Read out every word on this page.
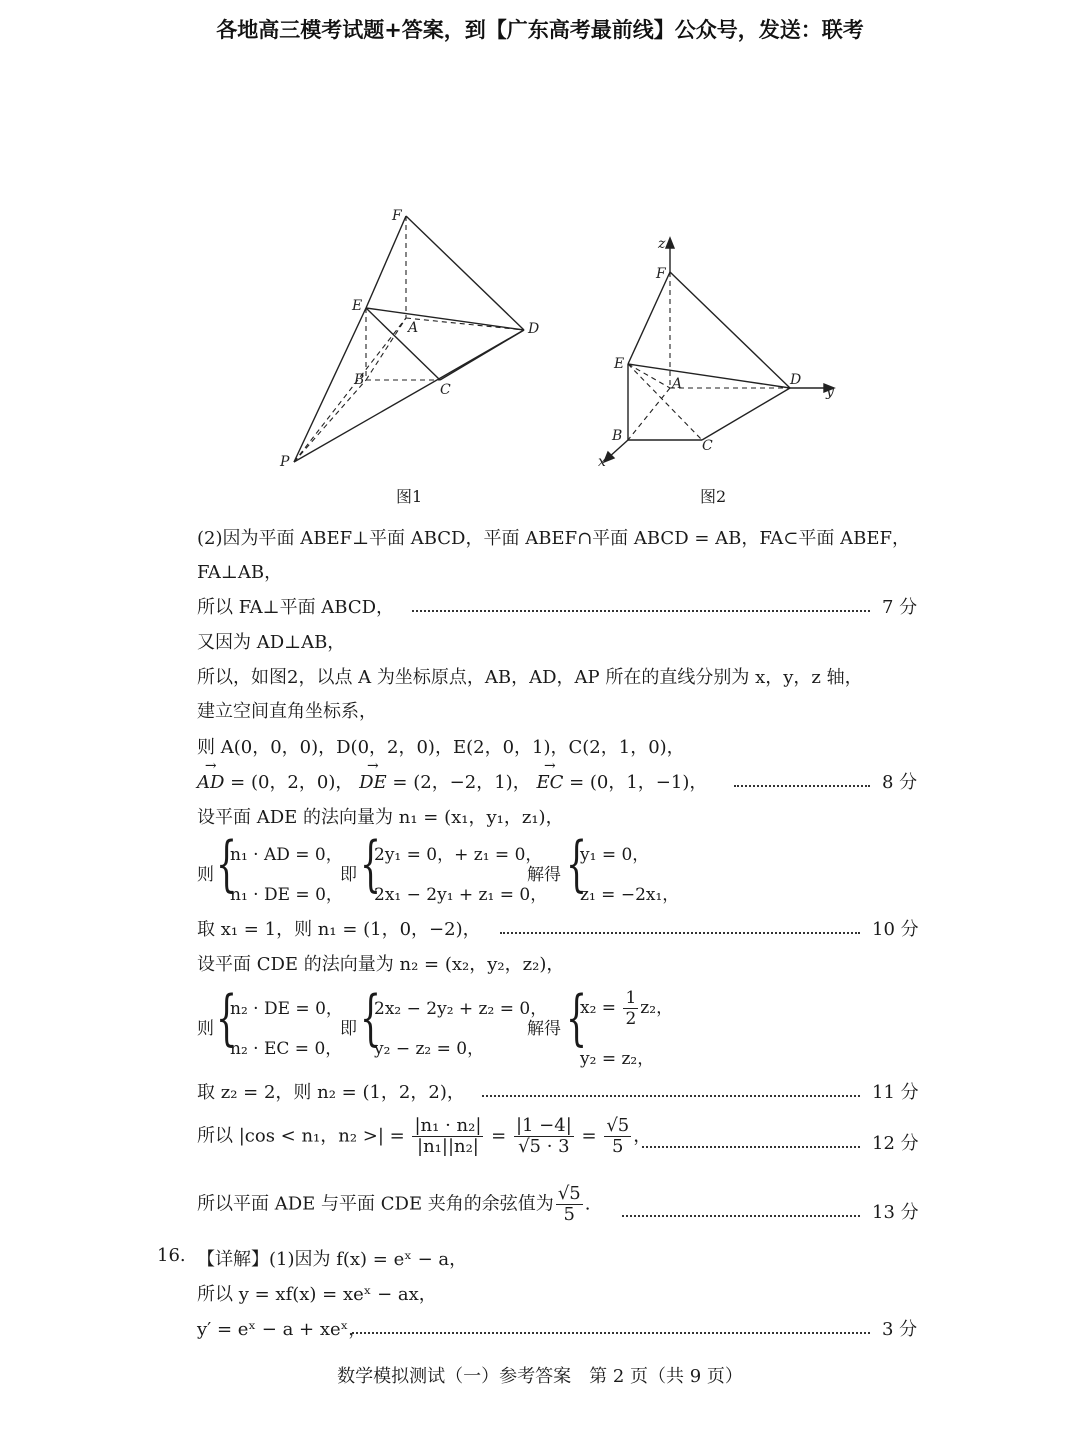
各地高三模考试题+答案，到【广东高考最前线】公众号，发送：联考
F
E
A	D
B
C
P
图1
z
F
E
A	D
y
B
C
x
图2
(2)因为平面 ABEF⊥平面 ABCD，平面 ABEF∩平面 ABCD = AB，FA⊂平面 ABEF，
FA⊥AB，
所以 FA⊥平面 ABCD，	7 分
又因为 AD⊥AB，
所以，如图2，以点 A 为坐标原点，AB，AD，AP 所在的直线分别为 x，y，z 轴，
建立空间直角坐标系，
则 A(0，0，0)，D(0，2，0)，E(2，0，1)，C(2，1，0)，
→ AD = (0，2，0)， → DE = (2，−2，1)， → EC = (0，1，−1)，	8 分
设平面 ADE 的法向量为 n₁ = (x₁，y₁，z₁)，
则 {
n₁ · AD = 0，
n₁ · DE = 0，
即 {
2y₁ = 0，+ z₁ = 0，
2x₁ − 2y₁ + z₁ = 0，
解得 {
y₁ = 0，
z₁ = −2x₁，
取 x₁ = 1，则 n₁ = (1，0，−2)，	10 分
设平面 CDE 的法向量为 n₂ = (x₂，y₂，z₂)，
则 {
n₂ · DE = 0，
n₂ · EC = 0，
即 {
2x₂ − 2y₂ + z₂ = 0，
y₂ − z₂ = 0，
解得 {
$x_2 = \frac{1}{2} z_2$，
y₂ = z₂，
取 z₂ = 2，则 n₂ = (1，2，2)，	11 分
所以 |cos < n₁，n₂ >| = $\frac{\text{|n₁ · n₂|}}{\text{|n₁||n₂|}} = \frac{|1 -4|}{√5 \cdot 3} = \frac{√5}{5}$ ，	12 分
所以平面 ADE 与平面 CDE 夹角的余弦值为 $\frac{√5}{5}$ .	13 分
16. 【详解】(1)因为 f(x) = eˣ − a，
所以 y = xf(x) = xeˣ − ax，
y′ = eˣ − a + xeˣ，	3 分
数学模拟测试（一）参考答案　第 2 页（共 9 页）
